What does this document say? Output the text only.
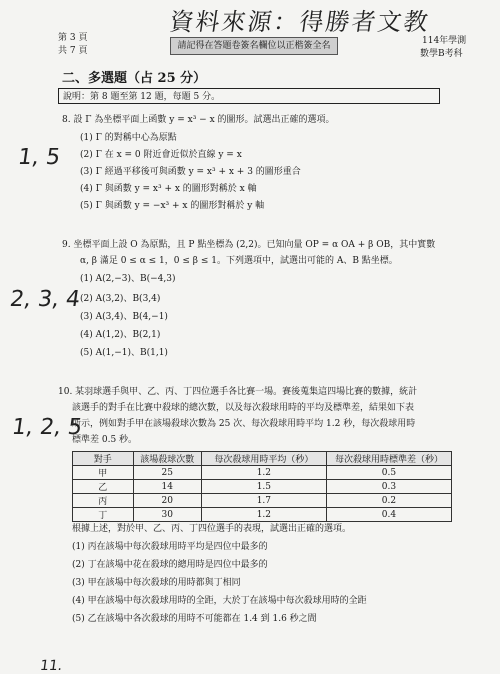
資料來源：得勝者文教
第 3 頁
共 7 頁	請記得在答題卷簽名欄位以正楷簽全名	114年學測
數學B考科
二、多選題（占 25 分）
說明：第 8 題至第 12 題，每題 5 分。
8. 設 Γ 為坐標平面上函數 y = x³ − x 的圖形。試選出正確的選項。
1, 5
(1) Γ 的對稱中心為原點
(2) Γ 在 x = 0 附近會近似於直線 y = x
(3) Γ 經過平移後可與函數 y = x³ + x + 3 的圖形重合
(4) Γ 與函數 y = x³ + x 的圖形對稱於 x 軸
(5) Γ 與函數 y = −x³ + x 的圖形對稱於 y 軸
9. 坐標平面上設 O 為原點，且 P 點坐標為 (2,2)。已知向量 OP = α OA + β OB，其中實數
α, β 滿足 0 ≤ α ≤ 1，0 ≤ β ≤ 1。下列選項中，試選出可能的 A、B 點坐標。
2, 3, 4
(1) A(2,−3)、B(−4,3)
(2) A(3,2)、B(3,4)
(3) A(3,4)、B(4,−1)
(4) A(1,2)、B(2,1)
(5) A(1,−1)、B(1,1)
10. 某羽球選手與甲、乙、丙、丁四位選手各比賽一場。賽後蒐集這四場比賽的數據，統計
該選手的對手在比賽中殺球的總次數，以及每次殺球用時的平均及標準差，結果如下表
所示，例如對手甲在該場殺球次數為 25 次、每次殺球用時平均 1.2 秒，每次殺球用時
標準差 0.5 秒。
1, 2, 5
對手	該場殺球次數	每次殺球用時平均（秒）	每次殺球用時標準差（秒）
甲	25	1.2	0.5
乙	14	1.5	0.3
丙	20	1.7	0.2
丁	30	1.2	0.4
根據上述，對於甲、乙、丙、丁四位選手的表現，試選出正確的選項。
(1) 丙在該場中每次殺球用時平均是四位中最多的
(2) 丁在該場中花在殺球的總用時是四位中最多的
(3) 甲在該場中每次殺球的用時都與丁相同
(4) 甲在該場中每次殺球用時的全距，大於丁在該場中每次殺球用時的全距
(5) 乙在該場中各次殺球的用時不可能都在 1.4 到 1.6 秒之間
11.
